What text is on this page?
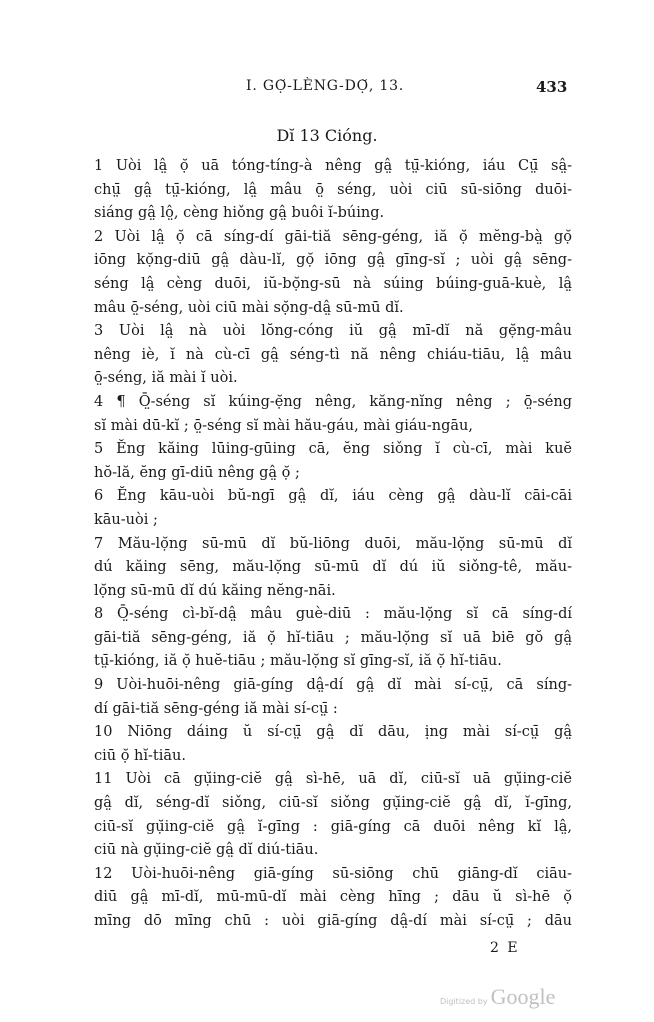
I. GỌ̆-LÈNG-DỌ̆, 13.	433
Dĭ 13 Cióng.
1 Uòi lâ̤ ọ̆ uā tóng-tíng-à nêng gâ̤ tṳ̄-kióng, iáu Cṳ̄ sâ̤-
chṳ̄ gâ̤ tṳ̄-kióng, lâ̤ mâu ō̤ séng, uòi ciū sū-siōng duōi-
siáng gâ̤ lô̤, cèng hiǒng gâ̤ buôi ĭ-búing.
2 Uòi lâ̤ ọ̆ cā síng-dí gāi-tiă sēng-géng, iă ọ̆ mĕng-bà̤ gọ̆
iōng kọ̆ng-diū gâ̤ dàu-lĭ, gọ̆ iōng gâ̤ gīng-sĭ ; uòi gâ̤ sēng-
séng lâ̤ cèng duōi, iŭ-bọ̆ng-sū nà súing búing-guā-kuè, lâ̤
mâu ō̤-séng, uòi ciū mài sọ̆ng-dâ̤ sū-mū dĭ.
3 Uòi lâ̤ nà uòi lŏng-cóng iŭ gâ̤ mī-dĭ nă gẹ̆ng-mâu
nêng iè, ĭ nà cù-cī gâ̤ séng-tì nă nêng chiáu-tiāu, lâ̤ mâu
ō̤-séng, iă mài ĭ uòi.
4 ¶ Ō̤-séng sĭ kúing-ẹ̆ng nêng, kăng-nĭng nêng ; ō̤-séng
sĭ mài dū-kĭ ; ō̤-séng sĭ mài hău-gáu, mài giáu-ngāu,
5 Ĕng kăing lūing-gūing cā, ĕng siǒng ĭ cù-cī, mài kuĕ
hŏ-lă, ĕng gī-diū nêng gâ̤ ọ̆ ;
6 Ĕng kāu-uòi bŭ-ngī gâ̤ dĭ, iáu cèng gâ̤ dàu-lĭ cāi-cāi
kāu-uòi ;
7 Mău-lọ̆ng sū-mū dĭ bŭ-liōng duōi, mău-lọ̆ng sū-mū dĭ
dú kăing sēng, mău-lọ̆ng sū-mū dĭ dú iŭ siǒng-tê, mău-
lọ̆ng sū-mū dĭ dú kăing nĕng-nāi.
8 Ō̤-séng cì-bĭ-dâ̤ mâu guè-diū : mău-lọ̆ng sĭ cā síng-dí
gāi-tiă sēng-géng, iă ọ̆ hĭ-tiāu ; mău-lọ̆ng sĭ uā biē gŏ gâ̤
tṳ̄-kióng, iă ọ̆ huĕ-tiāu ; mău-lọ̆ng sĭ gīng-sĭ, iă ọ̆ hĭ-tiāu.
9 Uòi-huōi-nêng giā-gíng dâ̤-dí gâ̤ dĭ mài sí-cṳ̄, cā síng-
dí gāi-tiă sēng-géng iă mài sí-cṳ̄ :
10 Niōng dáing ŭ sí-cṳ̄ gâ̤ dĭ dāu, ịng mài sí-cṳ̄ gâ̤
ciū ọ̆ hĭ-tiāu.
11 Uòi cā gụ̆ing-ciĕ gâ̤ sì-hē, uā dĭ, ciū-sĭ uā gụ̆ing-ciĕ
gâ̤ dĭ, séng-dĭ siǒng, ciū-sĭ siǒng gụ̆ing-ciĕ gâ̤ dĭ, ĭ-gīng,
ciū-sĭ gụ̆ing-ciĕ gâ̤ ĭ-gīng : giā-gíng cā duōi nêng kĭ lâ̤,
ciū nà gụ̆ing-ciĕ gâ̤ dĭ diú-tiāu.
12 Uòi-huōi-nêng giā-gíng sū-siōng chū giāng-dĭ ciāu-
diū gâ̤ mī-dĭ, mū-mū-dĭ mài cèng hīng ; dāu ŭ sì-hē ọ̆
mīng dō mīng chū : uòi giā-gíng dâ̤-dí mài sí-cṳ̄ ; dāu
2 E
Digitized by Google
